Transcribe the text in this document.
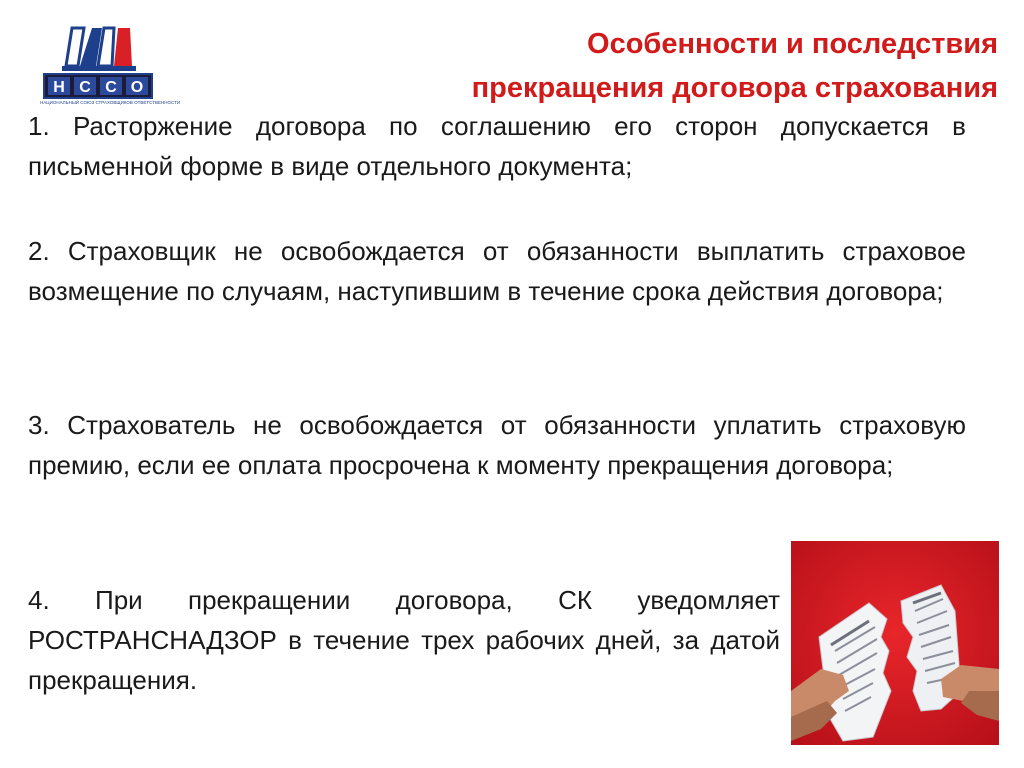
Н С С О
НАЦИОНАЛЬНЫЙ СОЮЗ СТРАХОВЩИКОВ ОТВЕТСТВЕННОСТИ
Особенности и последствия
прекращения договора страхования

1. Расторжение договора по соглашению его сторон допускается в письменной форме в виде отдельного документа;

2. Страховщик не освобождается от обязанности выплатить страховое возмещение по случаям, наступившим в течение срока действия договора;

3. Страхователь не освобождается от обязанности уплатить страховую премию, если ее оплата просрочена к моменту прекращения договора;

4. При прекращении договора, СК уведомляет РОСТРАНСНАДЗОР в течение трех рабочих дней, за датой прекращения.
